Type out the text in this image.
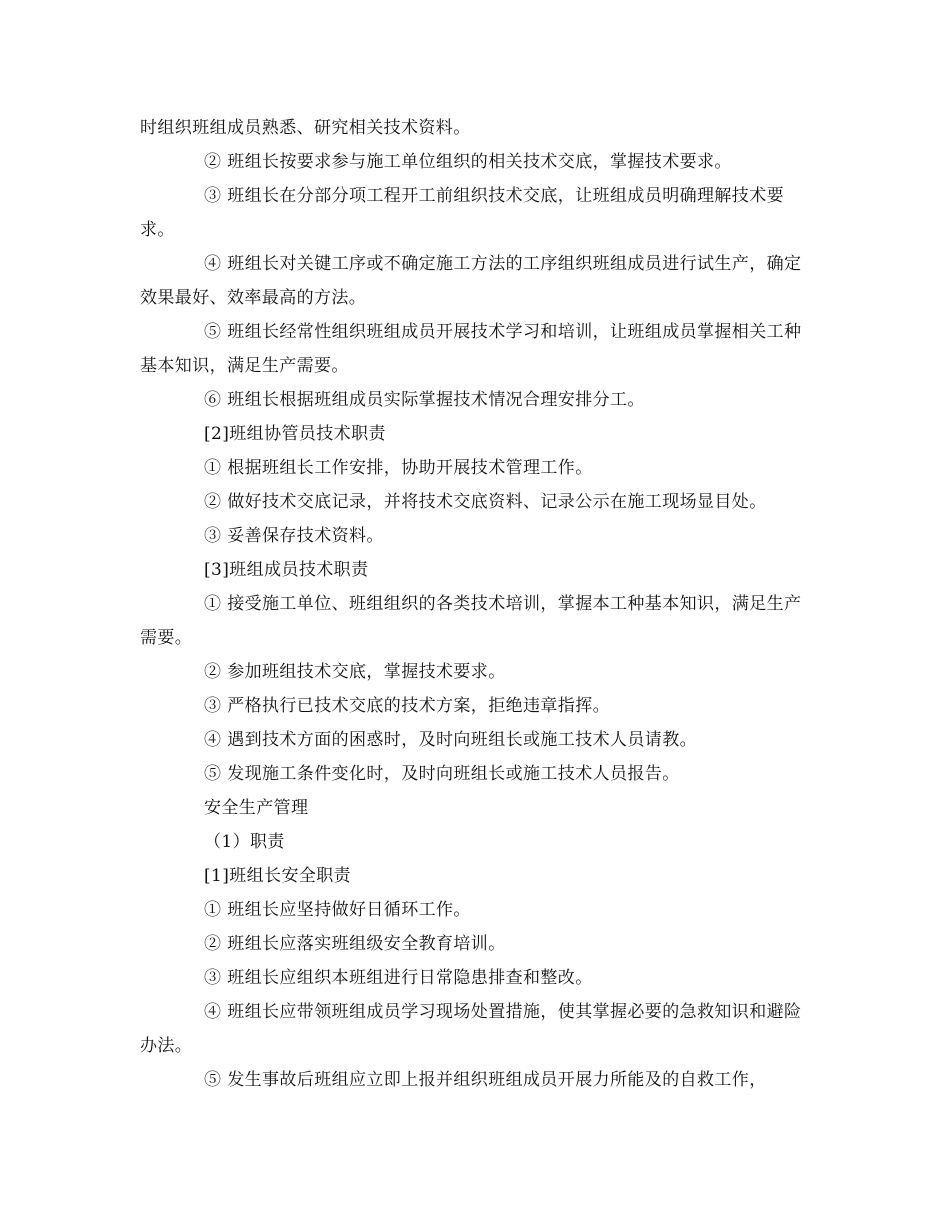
时组织班组成员熟悉、研究相关技术资料。

② 班组长按要求参与施工单位组织的相关技术交底，掌握技术要求。

③ 班组长在分部分项工程开工前组织技术交底，让班组成员明确理解技术要求。

④ 班组长对关键工序或不确定施工方法的工序组织班组成员进行试生产，确定效果最好、效率最高的方法。

⑤ 班组长经常性组织班组成员开展技术学习和培训，让班组成员掌握相关工种基本知识，满足生产需要。

⑥ 班组长根据班组成员实际掌握技术情况合理安排分工。

[2]班组协管员技术职责

① 根据班组长工作安排，协助开展技术管理工作。

② 做好技术交底记录，并将技术交底资料、记录公示在施工现场显目处。

③ 妥善保存技术资料。

[3]班组成员技术职责

① 接受施工单位、班组组织的各类技术培训，掌握本工种基本知识，满足生产需要。

② 参加班组技术交底，掌握技术要求。

③ 严格执行已技术交底的技术方案，拒绝违章指挥。

④ 遇到技术方面的困惑时，及时向班组长或施工技术人员请教。

⑤ 发现施工条件变化时，及时向班组长或施工技术人员报告。

安全生产管理

（1）职责

[1]班组长安全职责

① 班组长应坚持做好日循环工作。

② 班组长应落实班组级安全教育培训。

③ 班组长应组织本班组进行日常隐患排查和整改。

④ 班组长应带领班组成员学习现场处置措施，使其掌握必要的急救知识和避险办法。

⑤ 发生事故后班组应立即上报并组织班组成员开展力所能及的自救工作，
